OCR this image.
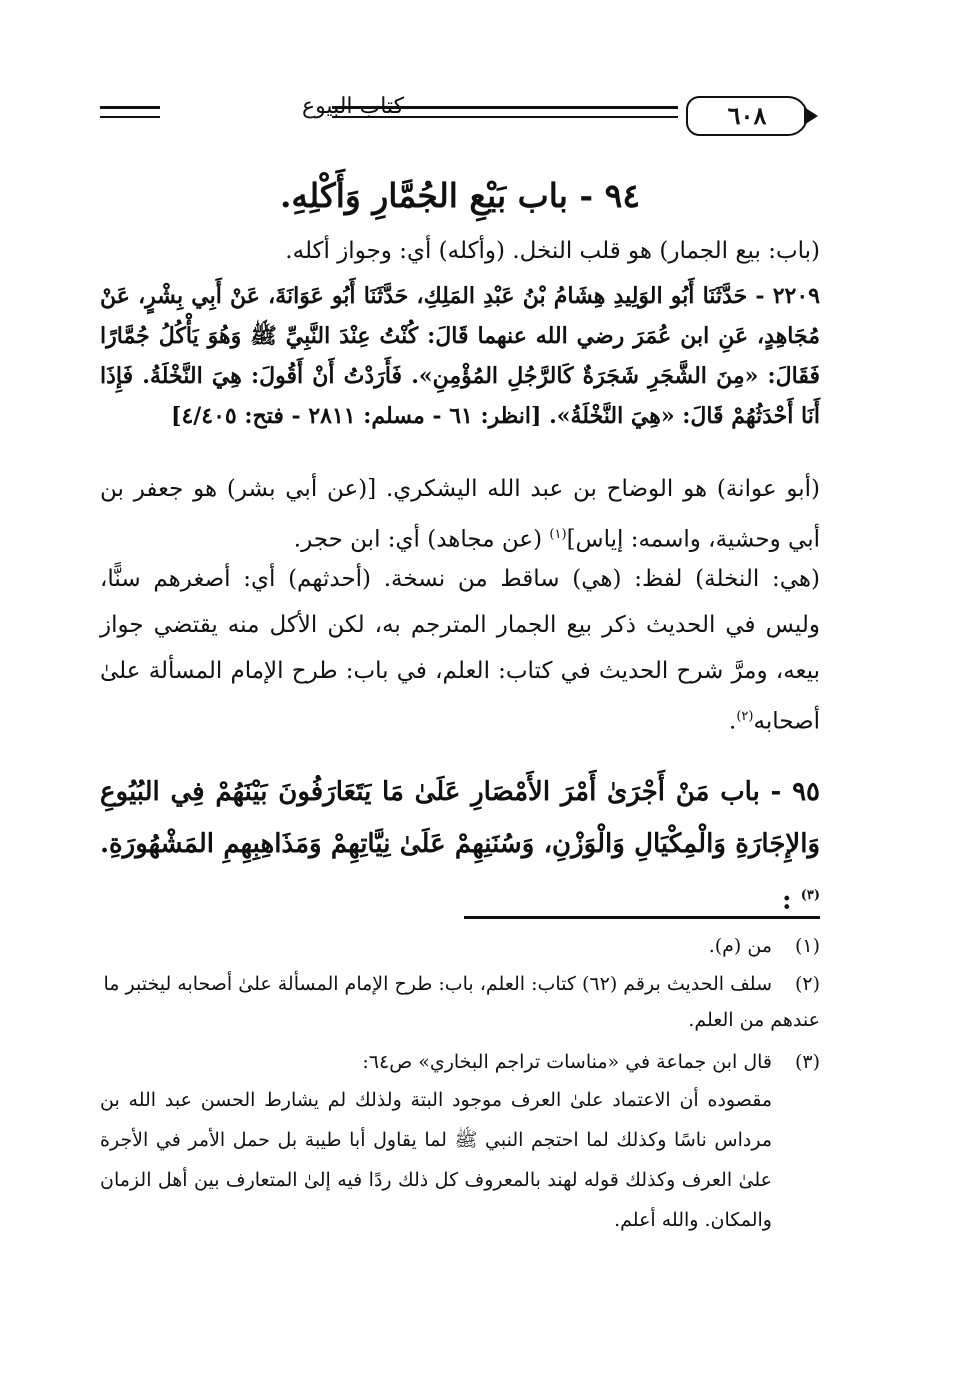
كتاب البيوع	٦٠٨
٩٤ - باب بَيْعِ الجُمَّارِ وَأَكْلِهِ.
(باب: بيع الجمار) هو قلب النخل. (وأكله) أي: وجواز أكله.
٢٢٠٩ - حَدَّثَنَا أَبُو الوَلِيدِ هِشَامُ بْنُ عَبْدِ المَلِكِ، حَدَّثَنَا أَبُو عَوَانَةَ، عَنْ أَبِي بِشْرٍ، عَنْ مُجَاهِدٍ، عَنِ ابن عُمَرَ رضي الله عنهما قَالَ: كُنْتُ عِنْدَ النَّبِيِّ ﷺ وَهُوَ يَأْكُلُ جُمَّارًا فَقَالَ: «مِنَ الشَّجَرِ شَجَرَةٌ كَالرَّجُلِ المُؤْمِنِ». فَأَرَدْتُ أَنْ أَقُولَ: هِيَ النَّخْلَةُ. فَإِذَا أَنَا أَحْدَثُهُمْ قَالَ: «هِيَ النَّخْلَةُ». [انظر: ٦١ - مسلم: ٢٨١١ - فتح: ٤/٤٠٥]
(أبو عوانة) هو الوضاح بن عبد الله اليشكري. [(عن أبي بشر) هو جعفر بن أبي وحشية، واسمه: إياس]$^{(١)}$ (عن مجاهد) أي: ابن حجر.
(هي: النخلة) لفظ: (هي) ساقط من نسخة. (أحدثهم) أي: أصغرهم سنًّا، وليس في الحديث ذكر بيع الجمار المترجم به، لكن الأكل منه يقتضي جواز بيعه، ومرَّ شرح الحديث في كتاب: العلم، في باب: طرح الإمام المسألة علىٰ أصحابه$^{(٢)}$.
٩٥ - باب مَنْ أَجْرَىٰ أَمْرَ الأَمْصَارِ عَلَىٰ مَا يَتَعَارَفُونَ بَيْنَهُمْ فِي البُيُوعِ وَالإِجَارَةِ وَالْمِكْيَالِ وَالْوَزْنِ، وَسُنَنِهِمْ عَلَىٰ نِيَّاتِهِمْ وَمَذَاهِبِهِمِ المَشْهُورَةِ.$^{(٣)}$ :
(١)من (م).
(٢)سلف الحديث برقم (٦٢) كتاب: العلم، باب: طرح الإمام المسألة علىٰ أصحابه ليختبر ما عندهم من العلم.
(٣)قال ابن جماعة في «مناسات تراجم البخاري» ص٦٤:
مقصوده أن الاعتماد علىٰ العرف موجود البتة ولذلك لم يشارط الحسن عبد الله بن مرداس ناسًا وكذلك لما احتجم النبي ﷺ لما يقاول أبا طيبة بل حمل الأمر في الأجرة علىٰ العرف وكذلك قوله لهند بالمعروف كل ذلك ردًا فيه إلىٰ المتعارف بين أهل الزمان والمكان. والله أعلم.
